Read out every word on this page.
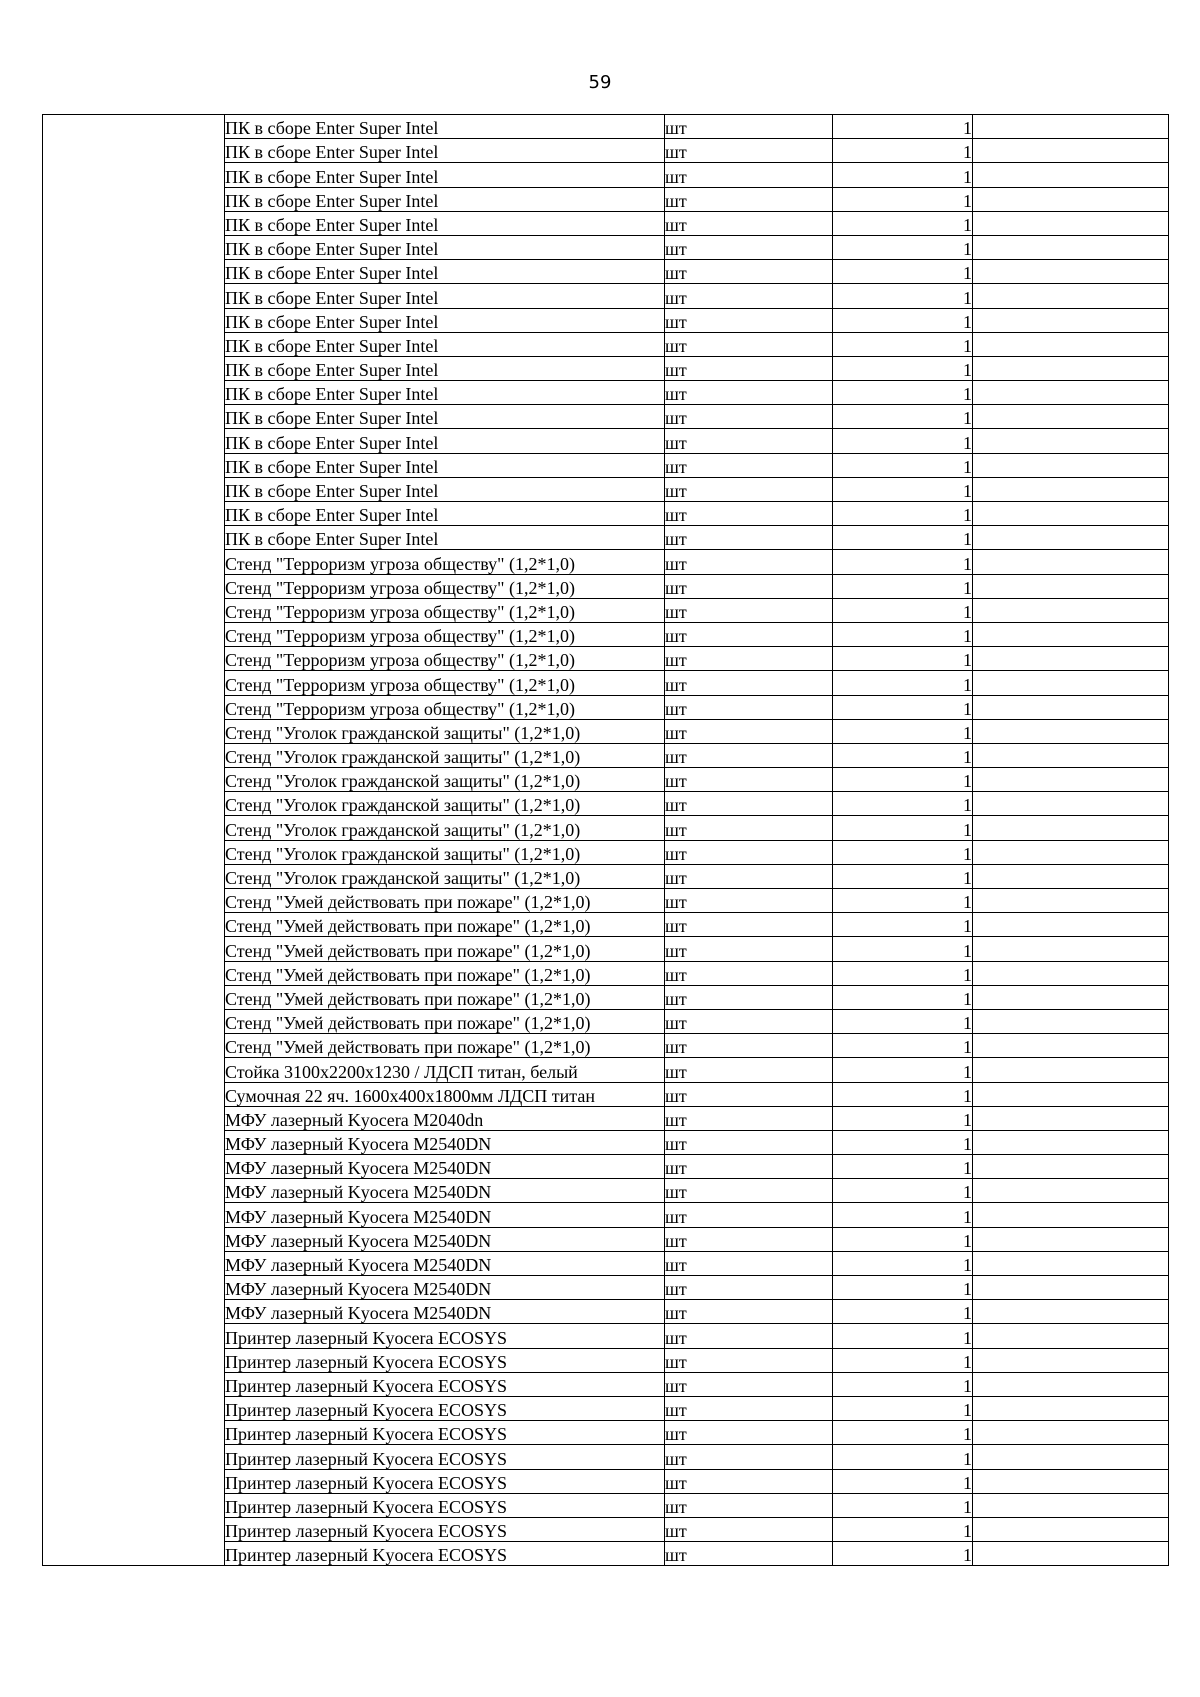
59
	ПК в сборе Enter Super Intel	шт	1	
	ПК в сборе Enter Super Intel	шт	1	
	ПК в сборе Enter Super Intel	шт	1	
	ПК в сборе Enter Super Intel	шт	1	
	ПК в сборе Enter Super Intel	шт	1	
	ПК в сборе Enter Super Intel	шт	1	
	ПК в сборе Enter Super Intel	шт	1	
	ПК в сборе Enter Super Intel	шт	1	
	ПК в сборе Enter Super Intel	шт	1	
	ПК в сборе Enter Super Intel	шт	1	
	ПК в сборе Enter Super Intel	шт	1	
	ПК в сборе Enter Super Intel	шт	1	
	ПК в сборе Enter Super Intel	шт	1	
	ПК в сборе Enter Super Intel	шт	1	
	ПК в сборе Enter Super Intel	шт	1	
	ПК в сборе Enter Super Intel	шт	1	
	ПК в сборе Enter Super Intel	шт	1	
	ПК в сборе Enter Super Intel	шт	1	
	Стенд "Терроризм угроза обществу" (1,2*1,0)	шт	1	
	Стенд "Терроризм угроза обществу" (1,2*1,0)	шт	1	
	Стенд "Терроризм угроза обществу" (1,2*1,0)	шт	1	
	Стенд "Терроризм угроза обществу" (1,2*1,0)	шт	1	
	Стенд "Терроризм угроза обществу" (1,2*1,0)	шт	1	
	Стенд "Терроризм угроза обществу" (1,2*1,0)	шт	1	
	Стенд "Терроризм угроза обществу" (1,2*1,0)	шт	1	
	Стенд "Уголок гражданской защиты" (1,2*1,0)	шт	1	
	Стенд "Уголок гражданской защиты" (1,2*1,0)	шт	1	
	Стенд "Уголок гражданской защиты" (1,2*1,0)	шт	1	
	Стенд "Уголок гражданской защиты" (1,2*1,0)	шт	1	
	Стенд "Уголок гражданской защиты" (1,2*1,0)	шт	1	
	Стенд "Уголок гражданской защиты" (1,2*1,0)	шт	1	
	Стенд "Уголок гражданской защиты" (1,2*1,0)	шт	1	
	Стенд "Умей действовать при пожаре" (1,2*1,0)	шт	1	
	Стенд "Умей действовать при пожаре" (1,2*1,0)	шт	1	
	Стенд "Умей действовать при пожаре" (1,2*1,0)	шт	1	
	Стенд "Умей действовать при пожаре" (1,2*1,0)	шт	1	
	Стенд "Умей действовать при пожаре" (1,2*1,0)	шт	1	
	Стенд "Умей действовать при пожаре" (1,2*1,0)	шт	1	
	Стенд "Умей действовать при пожаре" (1,2*1,0)	шт	1	
	Стойка 3100х2200х1230 / ЛДСП титан, белый	шт	1	
	Сумочная 22 яч. 1600х400х1800мм ЛДСП титан	шт	1	
	МФУ лазерный Kyocera M2040dn	шт	1	
	МФУ лазерный Kyocera M2540DN	шт	1	
	МФУ лазерный Kyocera M2540DN	шт	1	
	МФУ лазерный Kyocera M2540DN	шт	1	
	МФУ лазерный Kyocera M2540DN	шт	1	
	МФУ лазерный Kyocera M2540DN	шт	1	
	МФУ лазерный Kyocera M2540DN	шт	1	
	МФУ лазерный Kyocera M2540DN	шт	1	
	МФУ лазерный Kyocera M2540DN	шт	1	
	Принтер лазерный Kyocera ECOSYS	шт	1	
	Принтер лазерный Kyocera ECOSYS	шт	1	
	Принтер лазерный Kyocera ECOSYS	шт	1	
	Принтер лазерный Kyocera ECOSYS	шт	1	
	Принтер лазерный Kyocera ECOSYS	шт	1	
	Принтер лазерный Kyocera ECOSYS	шт	1	
	Принтер лазерный Kyocera ECOSYS	шт	1	
	Принтер лазерный Kyocera ECOSYS	шт	1	
	Принтер лазерный Kyocera ECOSYS	шт	1	
	Принтер лазерный Kyocera ECOSYS	шт	1	
